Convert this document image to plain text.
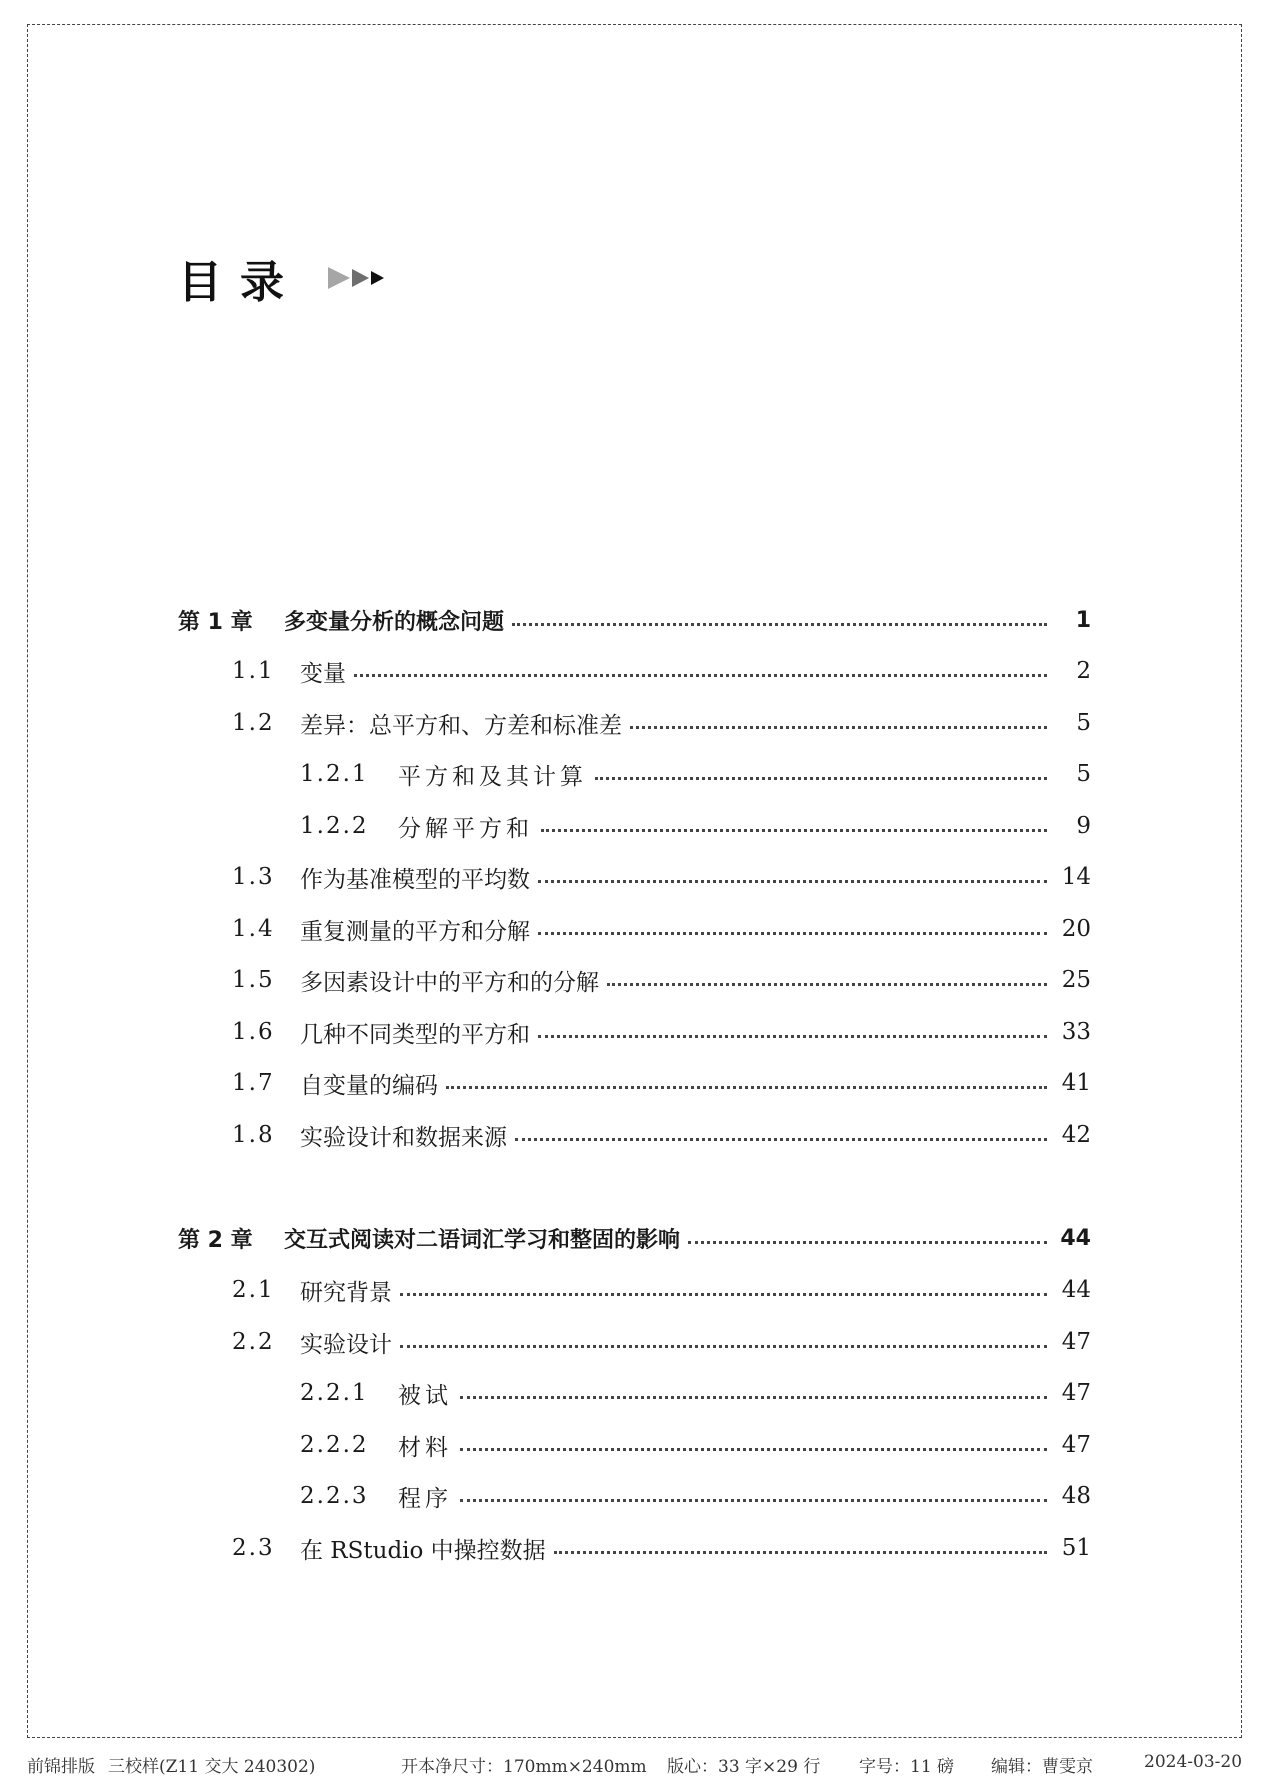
目录
第 1 章 多变量分析的概念问题	1
1.1 变量	2
1.2 差异：总平方和、方差和标准差	5
1.2.1 平方和及其计算	5
1.2.2 分解平方和	9
1.3 作为基准模型的平均数	14
1.4 重复测量的平方和分解	20
1.5 多因素设计中的平方和的分解	25
1.6 几种不同类型的平方和	33
1.7 自变量的编码	41
1.8 实验设计和数据来源	42
第 2 章 交互式阅读对二语词汇学习和整固的影响	44
2.1 研究背景	44
2.2 实验设计	47
2.2.1 被试	47
2.2.2 材料	47
2.2.3 程序	48
2.3 在 RStudio 中操控数据	51
前锦排版 三校样(Z11 交大 240302)	开本净尺寸：170mm×240mm 版心：33 字×29 行 字号：11 磅 编辑：曹雯京	2024-03-20
